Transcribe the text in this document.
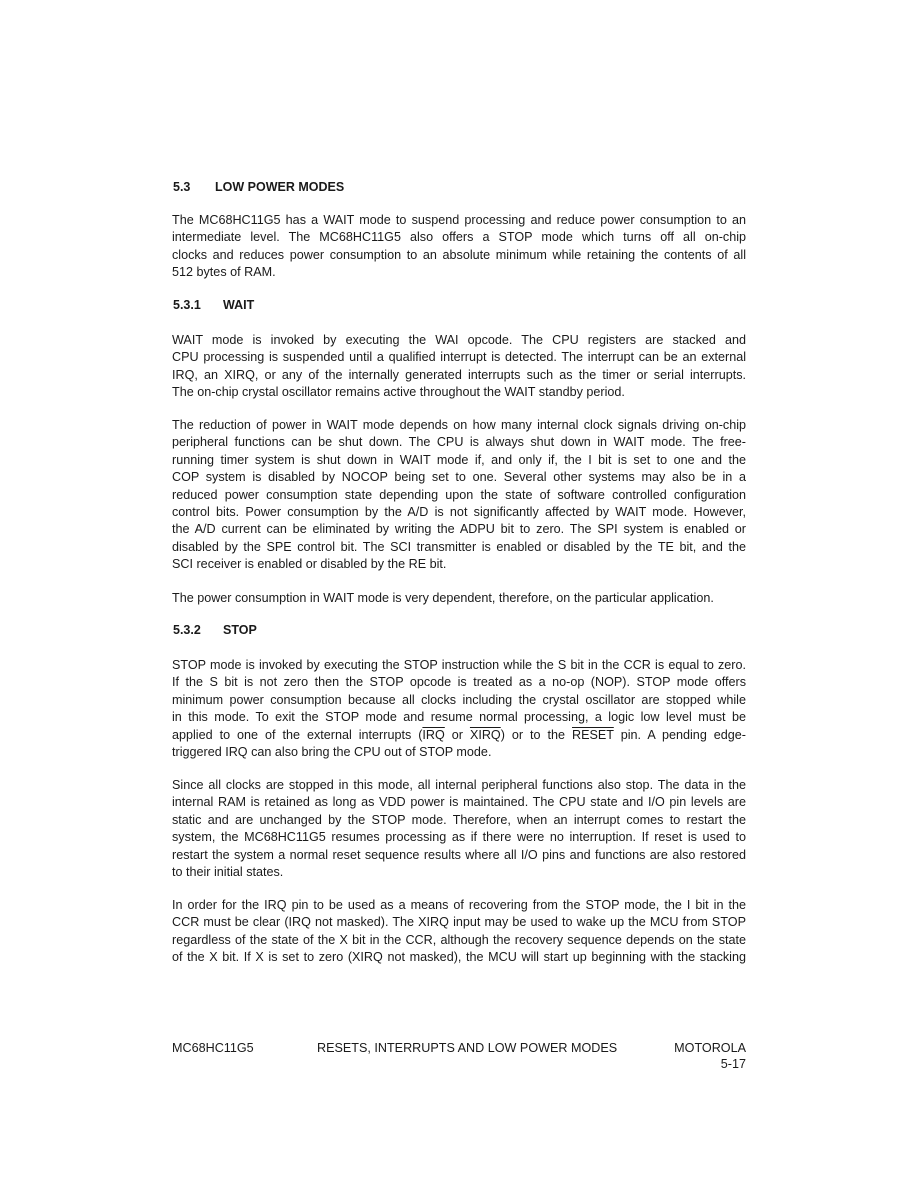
5.3 LOW POWER MODES
The MC68HC11G5 has a WAIT mode to suspend processing and reduce power consumption to an
intermediate level. The MC68HC11G5 also offers a STOP mode which turns off all on-chip
clocks and reduces power consumption to an absolute minimum while retaining the contents of all
512 bytes of RAM.
5.3.1 WAIT
WAIT mode is invoked by executing the WAI opcode. The CPU registers are stacked and
CPU processing is suspended until a qualified interrupt is detected. The interrupt can be an external
IRQ, an XIRQ, or any of the internally generated interrupts such as the timer or serial interrupts.
The on-chip crystal oscillator remains active throughout the WAIT standby period.
The reduction of power in WAIT mode depends on how many internal clock signals driving on-chip
peripheral functions can be shut down. The CPU is always shut down in WAIT mode. The free-
running timer system is shut down in WAIT mode if, and only if, the I bit is set to one and the
COP system is disabled by NOCOP being set to one. Several other systems may also be in a
reduced power consumption state depending upon the state of software controlled configuration
control bits. Power consumption by the A/D is not significantly affected by WAIT mode. However,
the A/D current can be eliminated by writing the ADPU bit to zero. The SPI system is enabled or
disabled by the SPE control bit. The SCI transmitter is enabled or disabled by the TE bit, and the
SCI receiver is enabled or disabled by the RE bit.
The power consumption in WAIT mode is very dependent, therefore, on the particular application.
5.3.2 STOP
STOP mode is invoked by executing the STOP instruction while the S bit in the CCR is equal to zero.
If the S bit is not zero then the STOP opcode is treated as a no-op (NOP). STOP mode offers
minimum power consumption because all clocks including the crystal oscillator are stopped while
in this mode. To exit the STOP mode and resume normal processing, a logic low level must be
applied to one of the external interrupts ($\overline{IRQ}$ or XIRQ) or to the RESET pin. A pending edge-
triggered IRQ can also bring the CPU out of STOP mode.
Since all clocks are stopped in this mode, all internal peripheral functions also stop. The data in the
internal RAM is retained as long as VDD power is maintained. The CPU state and I/O pin levels are
static and are unchanged by the STOP mode. Therefore, when an interrupt comes to restart the
system, the MC68HC11G5 resumes processing as if there were no interruption. If reset is used to
restart the system a normal reset sequence results where all I/O pins and functions are also restored
to their initial states.
In order for the IRQ pin to be used as a means of recovering from the STOP mode, the I bit in the
CCR must be clear (IRQ not masked). The XIRQ input may be used to wake up the MCU from STOP
regardless of the state of the X bit in the CCR, although the recovery sequence depends on the state
of the X bit. If X is set to zero (XIRQ not masked), the MCU will start up beginning with the stacking
MC68HC11G5	RESETS, INTERRUPTS AND LOW POWER MODES	MOTOROLA
5-17
